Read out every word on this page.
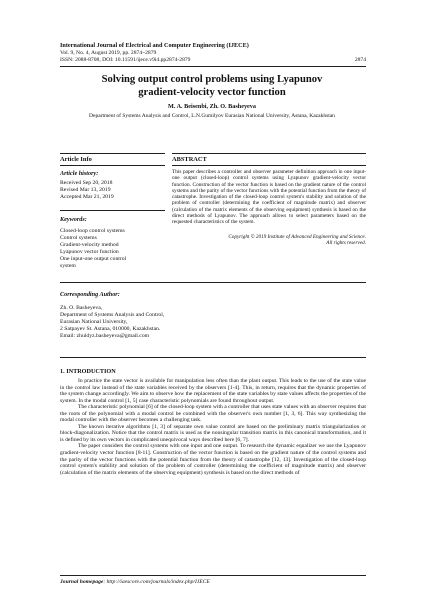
International Journal of Electrical and Computer Engineering (IJECE)
Vol. 9, No. 4, August 2019, pp. 2874~2879
ISSN: 2088-8708, DOI: 10.11591/ijece.v9i4.pp2874-2879	2874
Solving output control problems using Lyapunov
gradient-velocity vector function
M. A. Beisenbi, Zh. O. Basheyeva
Department of Systems Analysis and Control, L.N.Gumilyov Eurasian National University, Astana, Kazakhstan
Article Info	ABSTRACT
Article history:
Received Sep 20, 2018
Revised Mar 13, 2019
Accepted Mar 21, 2019
Keywords:
Closed-loop control systems
Control systems
Gradient-velocity method
Lyapunov vector function
One input-one output control
system
This paper describes a controller and observer parameter definition approach in one input-one output (closed-loop) control systems using Lyapunov gradient-velocity vector function. Construction of the vector function is based on the gradient nature of the control systems and the parity of the vector functions with the potential function from the theory of catastrophe. Investigation of the closed-loop control system's stability and solution of the problem of controller (determining the coefficient of magnitude matrix) and observer (calculation of the matrix elements of the observing equipment) synthesis is based on the direct methods of Lyapunov. The approach allows to select parameters based on the requested characteristics of the system.
Copyright © 2019 Institute of Advanced Engineering and Science.
All rights reserved.
Corresponding Author:
Zh. O. Basheyeva,
Department of Systems Analysis and Control,
Eurasian National University,
2 Satpayev St. Astana, 010000, Kazakhstan.
Email: zhuldyz.basheyeva@gmail.com
1. INTRODUCTION

In practice the state vector is available for manipulation less often than the plant output. This leads to the use of the state value in the control law instead of the state variables received by the observers [1-4]. This, in return, requires that the dynamic properties of the system change accordingly. We aim to observe how the replacement of the state variables by state values affects the properties of the system. In the modal control [1, 5] case characteristic polynomials are found throughout output.

The characteristic polynomial [6] of the closed-loop system with a controller that uses state values with an observer requires that the roots of the polynomial with a modal control be combined with the observer's own number [1, 3, 6]. This way synthesizing the modal controller with the observer becomes a challenging task.

The known iterative algorithms [1, 3] of separate own value control are based on the preliminary matrix triangularization or block-diagonalization. Notice that the control matrix is used as the nonsingular transition matrix in this canonical transformation, and it is defined by its own vectors in complicated unequivocal ways described here [6, 7].

The paper considers the control systems with one input and one output. To research the dynamic equalizer we use the Lyapunov gradient-velocity vector function [8-11]. Construction of the vector function is based on the gradient nature of the control systems and the parity of the vector functions with the potential function from the theory of catastrophe [12, 13]. Investigation of the closed-loop control system's stability and solution of the problem of controller (determining the coefficient of magnitude matrix) and observer (calculation of the matrix elements of the observing equipment) synthesis is based on the direct methods of

Journal homepage: http://iaescore.com/journals/index.php/IJECE
